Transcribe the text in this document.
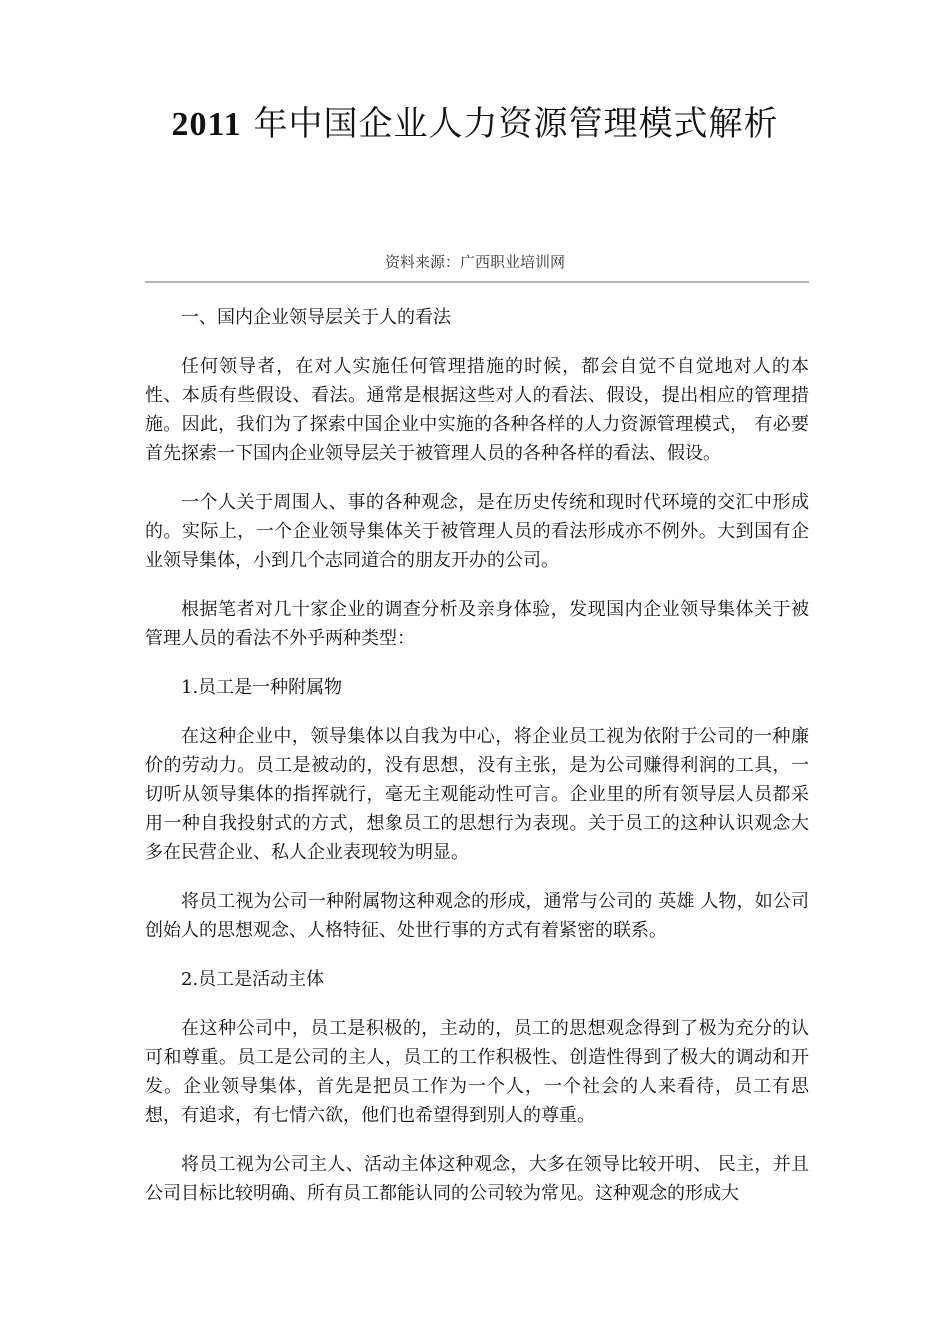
2011 年中国企业人力资源管理模式解析
资料来源：广西职业培训网

一、国内企业领导层关于人的看法

任何领导者，在对人实施任何管理措施的时候，都会自觉不自觉地对人的本性、本质有些假设、看法。通常是根据这些对人的看法、假设，提出相应的管理措施。因此，我们为了探索中国企业中实施的各种各样的人力资源管理模式， 有必要首先探索一下国内企业领导层关于被管理人员的各种各样的看法、假设。

一个人关于周围人、事的各种观念，是在历史传统和现时代环境的交汇中形成的。实际上，一个企业领导集体关于被管理人员的看法形成亦不例外。大到国有企业领导集体，小到几个志同道合的朋友开办的公司。

根据笔者对几十家企业的调查分析及亲身体验，发现国内企业领导集体关于被管理人员的看法不外乎两种类型：

1.员工是一种附属物

在这种企业中，领导集体以自我为中心，将企业员工视为依附于公司的一种廉价的劳动力。员工是被动的，没有思想，没有主张，是为公司赚得利润的工具，一切听从领导集体的指挥就行，毫无主观能动性可言。企业里的所有领导层人员都采用一种自我投射式的方式，想象员工的思想行为表现。关于员工的这种认识观念大多在民营企业、私人企业表现较为明显。

将员工视为公司一种附属物这种观念的形成，通常与公司的 英雄 人物，如公司创始人的思想观念、人格特征、处世行事的方式有着紧密的联系。

2.员工是活动主体

在这种公司中，员工是积极的，主动的，员工的思想观念得到了极为充分的认可和尊重。员工是公司的主人，员工的工作积极性、创造性得到了极大的调动和开发。企业领导集体，首先是把员工作为一个人，一个社会的人来看待，员工有思想，有追求，有七情六欲，他们也希望得到别人的尊重。

将员工视为公司主人、活动主体这种观念，大多在领导比较开明、 民主，并且公司目标比较明确、所有员工都能认同的公司较为常见。这种观念的形成大
